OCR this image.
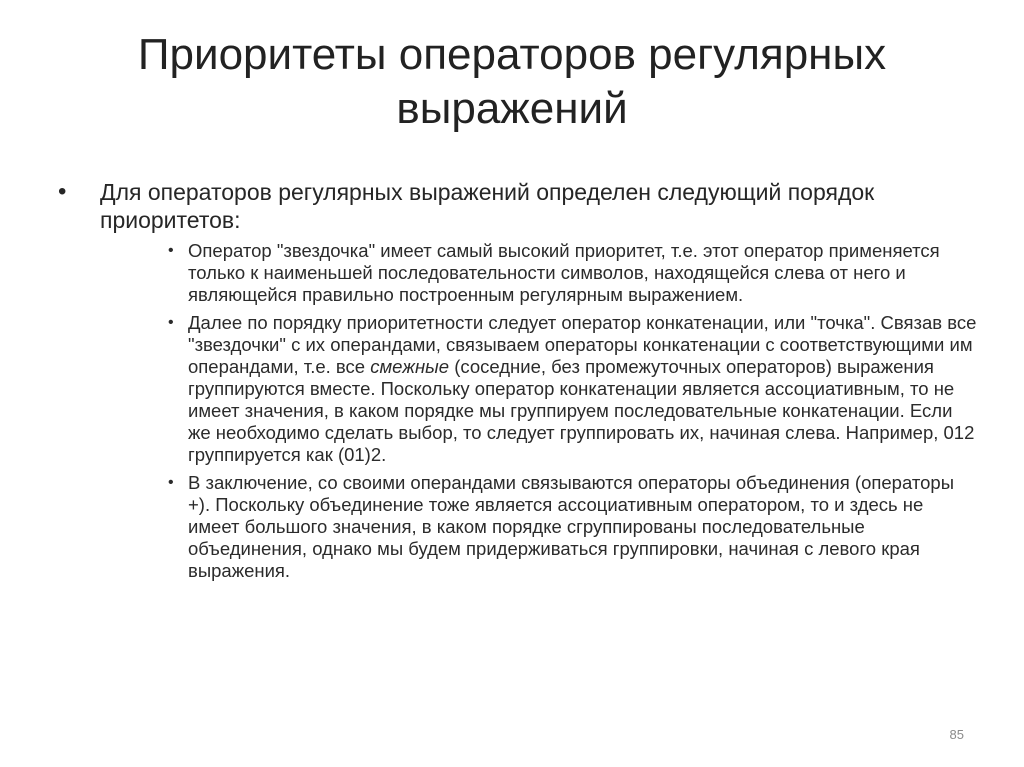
Приоритеты операторов регулярных выражений
• Для операторов регулярных выражений определен следующий порядок приоритетов:
• Оператор "звездочка" имеет самый высокий приоритет, т.е. этот оператор применяется только к наименьшей последовательности символов, находящейся слева от него и являющейся правильно построенным регулярным выражением.
• Далее по порядку приоритетности следует оператор конкатенации, или "точка". Связав все "звездочки" с их операндами, связываем операторы конкатенации с соответствующими им операндами, т.е. все смежные (соседние, без промежуточных операторов) выражения группируются вместе. Поскольку оператор конкатенации является ассоциативным, то не имеет значения, в каком порядке мы группируем последовательные конкатенации. Если же необходимо сделать выбор, то следует группировать их, начиная слева. Например, 012 группируется как (01)2.
• В заключение, со своими операндами связываются операторы объединения (операторы +). Поскольку объединение тоже является ассоциативным оператором, то и здесь не имеет большого значения, в каком порядке сгруппированы последовательные объединения, однако мы будем придерживаться группировки, начиная с левого края выражения.
85
